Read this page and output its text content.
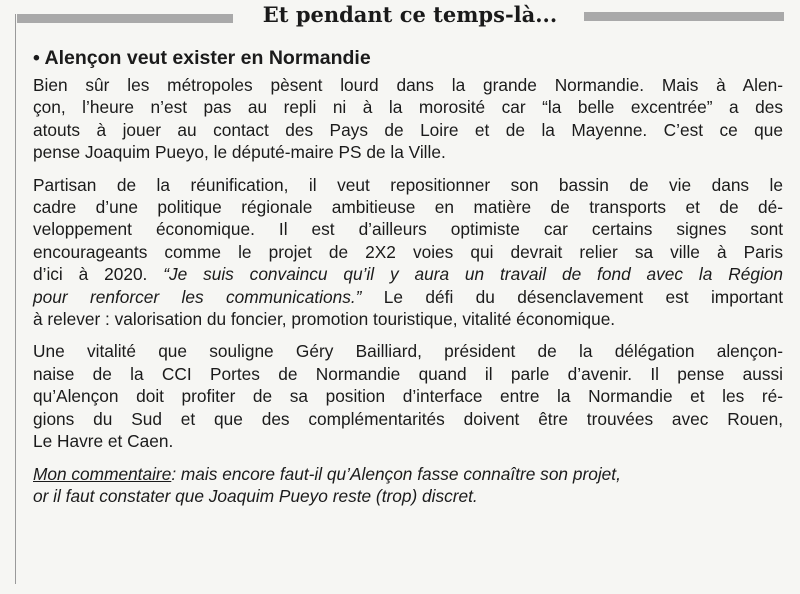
Et pendant ce temps-là...
• Alençon veut exister en Normandie
Bien sûr les métropoles pèsent lourd dans la grande Normandie. Mais à Alen-
çon, l’heure n’est pas au repli ni à la morosité car “la belle excentrée” a des
atouts à jouer au contact des Pays de Loire et de la Mayenne. C’est ce que
pense Joaquim Pueyo, le député-maire PS de la Ville.
Partisan de la réunification, il veut repositionner son bassin de vie dans le
cadre d’une politique régionale ambitieuse en matière de transports et de dé-
veloppement économique. Il est d’ailleurs optimiste car certains signes sont
encourageants comme le projet de 2X2 voies qui devrait relier sa ville à Paris
d’ici à 2020. “Je suis convaincu qu’il y aura un travail de fond avec la Région
pour renforcer les communications.” Le défi du désenclavement est important
à relever : valorisation du foncier, promotion touristique, vitalité économique.
Une vitalité que souligne Géry Bailliard, président de la délégation alençon-
naise de la CCI Portes de Normandie quand il parle d’avenir. Il pense aussi
qu’Alençon doit profiter de sa position d’interface entre la Normandie et les ré-
gions du Sud et que des complémentarités doivent être trouvées avec Rouen,
Le Havre et Caen.
Mon commentaire: mais encore faut-il qu’Alençon fasse connaître son projet,
or il faut constater que Joaquim Pueyo reste (trop) discret.
